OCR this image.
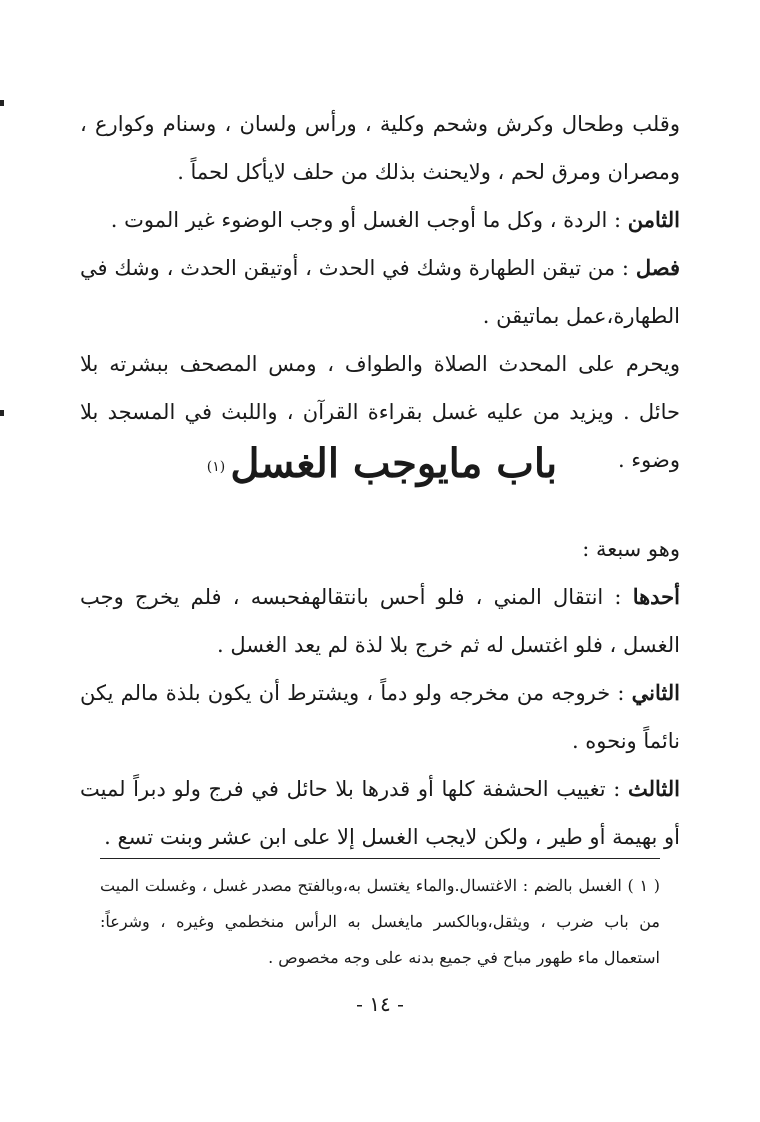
وقلب وطحال وكرش وشحم وكلية ، ورأس ولسان ، وسنام وكوارع ، ومصران ومرق لحم ، ولايحنث بذلك من حلف لايأكل لحماً .

الثامن : الردة ، وكل ما أوجب الغسل أو وجب الوضوء غير الموت .

فصل : من تيقن الطهارة وشك في الحدث ، أوتيقن الحدث ، وشك في الطهارة،عمل بماتيقن .

ويحرم على المحدث الصلاة والطواف ، ومس المصحف ببشرته بلا حائل . ويزيد من عليه غسل بقراءة القرآن ، واللبث في المسجد بلا وضوء .

باب مايوجب الغسل (١)

وهو سبعة :

أحدها : انتقال المني ، فلو أحس بانتقالهفحبسه ، فلم يخرج وجب الغسل ، فلو اغتسل له ثم خرج بلا لذة لم يعد الغسل .

الثاني : خروجه من مخرجه ولو دماً ، ويشترط أن يكون بلذة مالم يكن نائماً ونحوه .

الثالث : تغييب الحشفة كلها أو قدرها بلا حائل في فرج ولو دبراً لميت أو بهيمة أو طير ، ولكن لايجب الغسل إلا على ابن عشر وبنت تسع .

( ١ ) الغسل بالضم : الاغتسال.والماء يغتسل به،وبالفتح مصدر غسل ، وغسلت الميت من باب ضرب ، ويثقل،وبالكسر مايغسل به الرأس منخطمي وغيره ، وشرعاً: استعمال ماء طهور مباح في جميع بدنه على وجه مخصوص .

- ١٤ -
